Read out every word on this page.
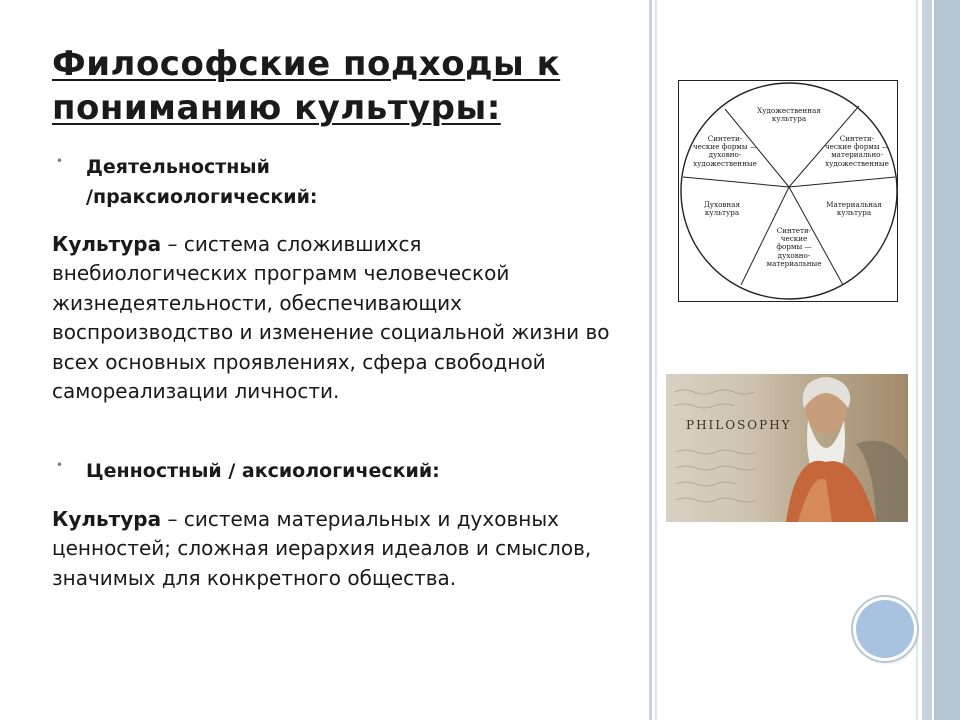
Философские подходы к пониманию культуры:
• Деятельностный
/праксиологический:
Культура – система сложившихся внебиологических программ человеческой жизнедеятельности, обеспечивающих воспроизводство и изменение социальной жизни во всех основных проявлениях, сфера свободной самореализации личности.
• Ценностный / аксиологический:
Культура – система материальных и духовных ценностей; сложная иерархия идеалов и смыслов, значимых для конкретного общества.
Художественная
культура
Синтети-
ческие формы —
материально-
художественные
Материальная
культура
Синтети-
ческие
формы —
духовно-
материальные
Духовная
культура
Синтети-
ческие формы —
духовно-
художественные
PHILOSOPHY
